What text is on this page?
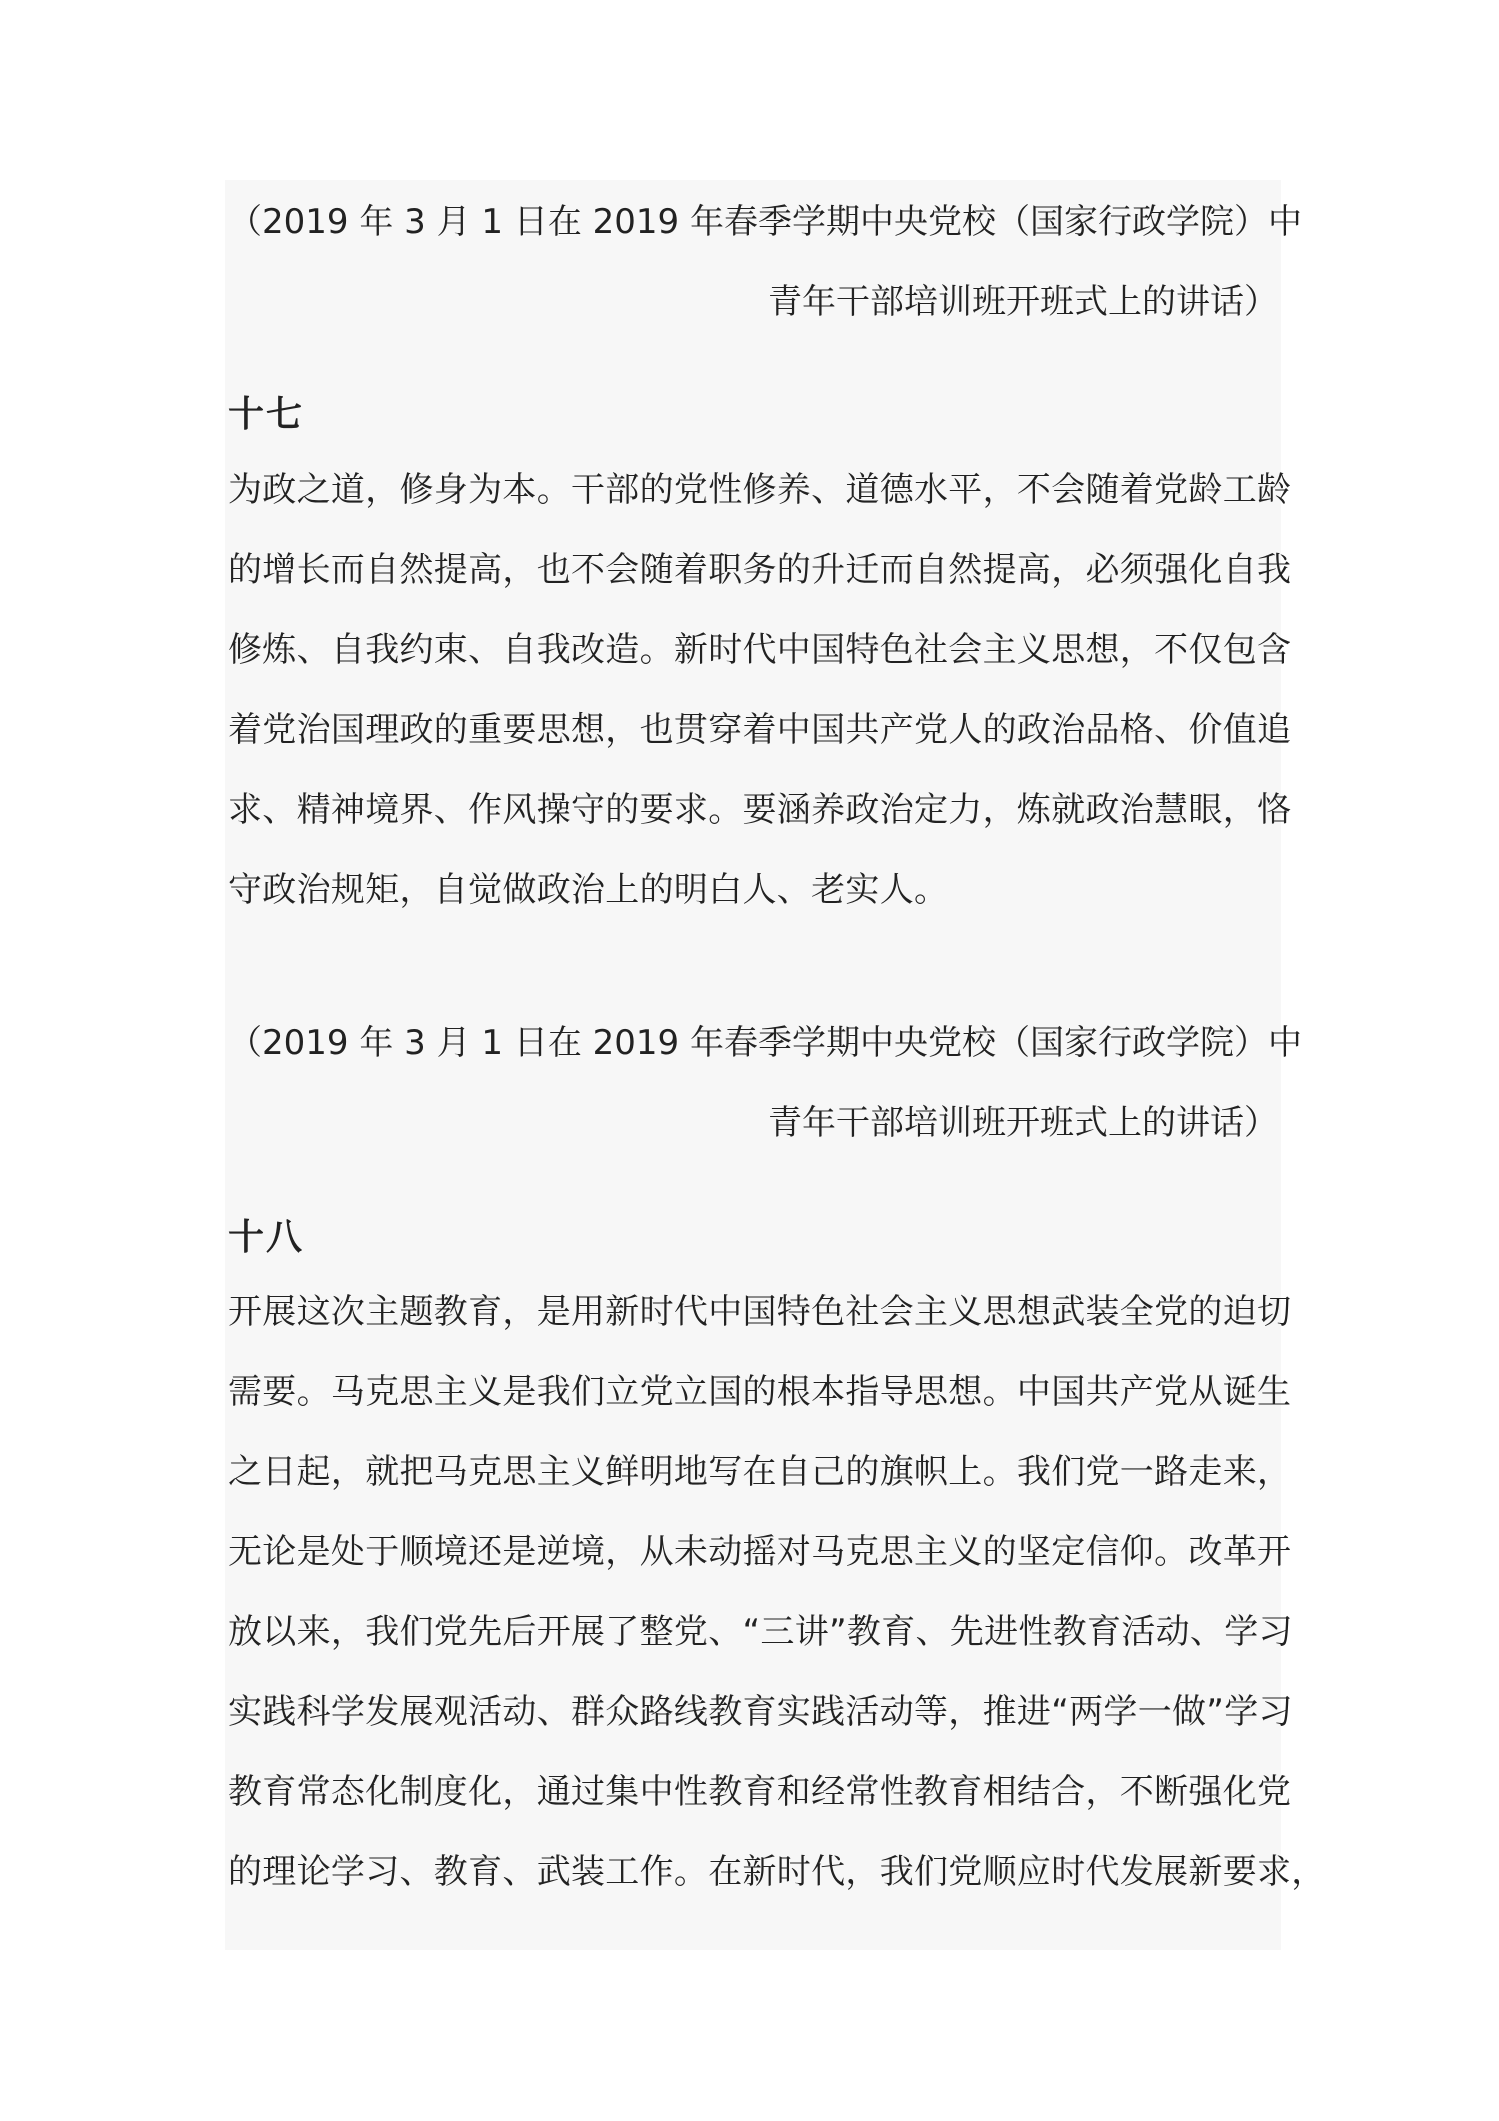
（2019 年 3 月 1 日在 2019 年春季学期中央党校（国家行政学院）中
青年干部培训班开班式上的讲话）
十七
为政之道，修身为本。干部的党性修养、道德水平，不会随着党龄工龄
的增长而自然提高，也不会随着职务的升迁而自然提高，必须强化自我
修炼、自我约束、自我改造。新时代中国特色社会主义思想，不仅包含
着党治国理政的重要思想，也贯穿着中国共产党人的政治品格、价值追
求、精神境界、作风操守的要求。要涵养政治定力，炼就政治慧眼，恪
守政治规矩，自觉做政治上的明白人、老实人。
（2019 年 3 月 1 日在 2019 年春季学期中央党校（国家行政学院）中
青年干部培训班开班式上的讲话）
十八
开展这次主题教育，是用新时代中国特色社会主义思想武装全党的迫切
需要。马克思主义是我们立党立国的根本指导思想。中国共产党从诞生
之日起，就把马克思主义鲜明地写在自己的旗帜上。我们党一路走来，
无论是处于顺境还是逆境，从未动摇对马克思主义的坚定信仰。改革开
放以来，我们党先后开展了整党、“三讲”教育、先进性教育活动、学习
实践科学发展观活动、群众路线教育实践活动等，推进“两学一做”学习
教育常态化制度化，通过集中性教育和经常性教育相结合，不断强化党
的理论学习、教育、武装工作。在新时代，我们党顺应时代发展新要求，
